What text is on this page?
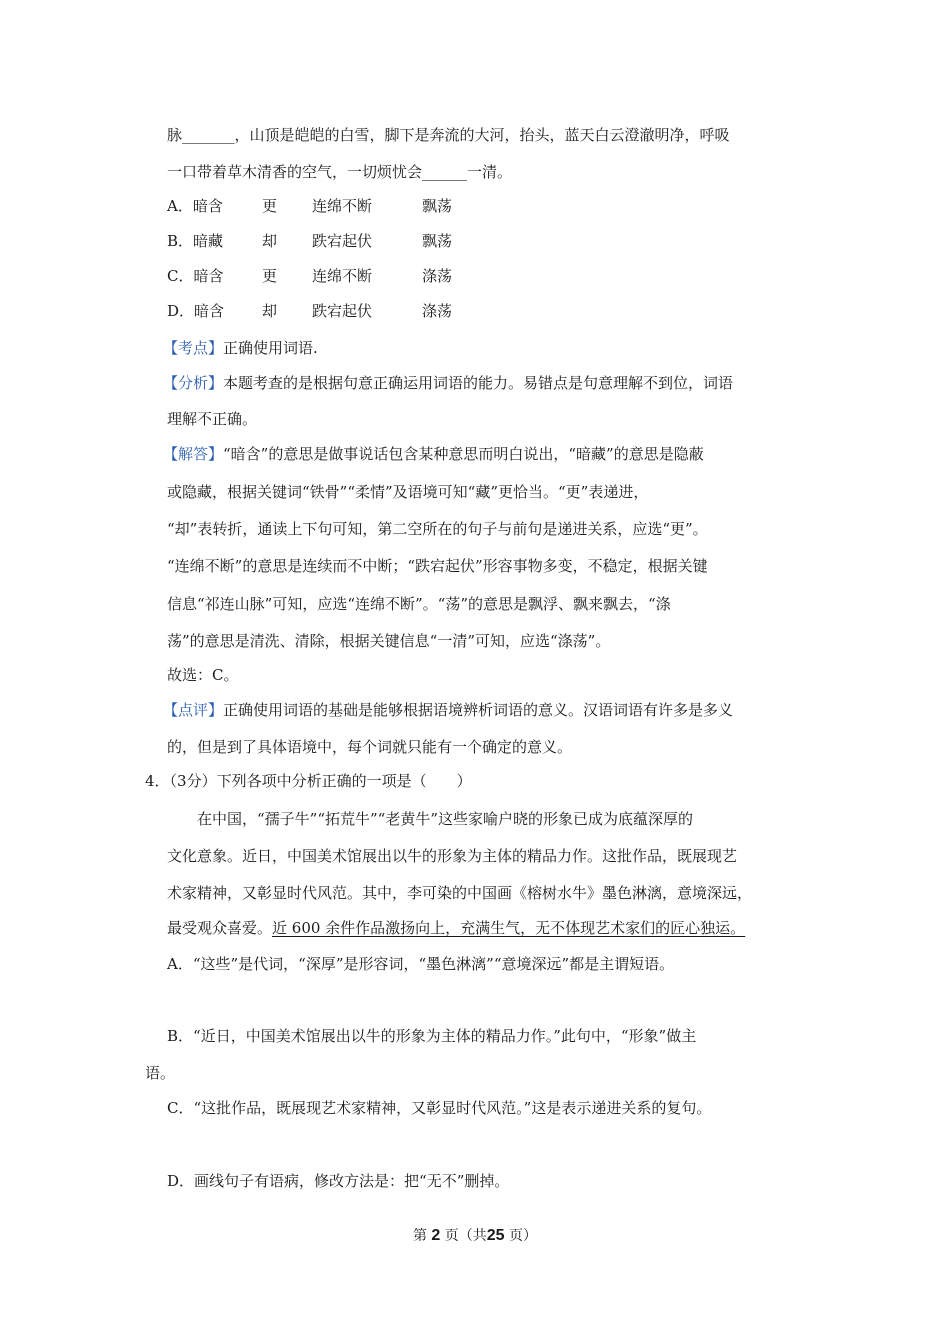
脉_______，山顶是皑皑的白雪，脚下是奔流的大河，抬头，蓝天白云澄澈明净，呼吸
一口带着草木清香的空气，一切烦忧会______一清。
A．暗含	更 连绵不断	飘荡
B．暗藏	却 跌宕起伏	飘荡
C．暗含	更 连绵不断	涤荡
D．暗含	却 跌宕起伏	涤荡
【考点】正确使用词语.
【分析】本题考查的是根据句意正确运用词语的能力。易错点是句意理解不到位，词语
理解不正确。
【解答】“暗含”的意思是做事说话包含某种意思而明白说出，“暗藏”的意思是隐蔽
或隐藏，根据关键词“铁骨”“柔情”及语境可知“藏”更恰当。“更”表递进，
“却”表转折，通读上下句可知，第二空所在的句子与前句是递进关系，应选“更”。
“连绵不断”的意思是连续而不中断；“跌宕起伏”形容事物多变，不稳定，根据关键
信息“祁连山脉”可知，应选“连绵不断”。“荡”的意思是飘浮、飘来飘去，“涤
荡”的意思是清洗、清除，根据关键信息“一清”可知，应选“涤荡”。
故选：C。
【点评】正确使用词语的基础是能够根据语境辨析词语的意义。汉语词语有许多是多义
的，但是到了具体语境中，每个词就只能有一个确定的意义。
4．（3分）下列各项中分析正确的一项是（　　）
在中国，“孺子牛”“拓荒牛”“老黄牛”这些家喻户晓的形象已成为底蕴深厚的
文化意象。近日，中国美术馆展出以牛的形象为主体的精品力作。这批作品，既展现艺
术家精神，又彰显时代风范。其中，李可染的中国画《榕树水牛》墨色淋漓，意境深远，
最受观众喜爱。近 600 余件作品激扬向上，充满生气，无不体现艺术家们的匠心独运。
A．“这些”是代词，“深厚”是形容词，“墨色淋漓”“意境深远”都是主谓短语。
B．“近日，中国美术馆展出以牛的形象为主体的精品力作。”此句中，“形象”做主
语。
C．“这批作品，既展现艺术家精神，又彰显时代风范。”这是表示递进关系的复句。
D．画线句子有语病，修改方法是：把“无不”删掉。
第 2 页（共25 页）
